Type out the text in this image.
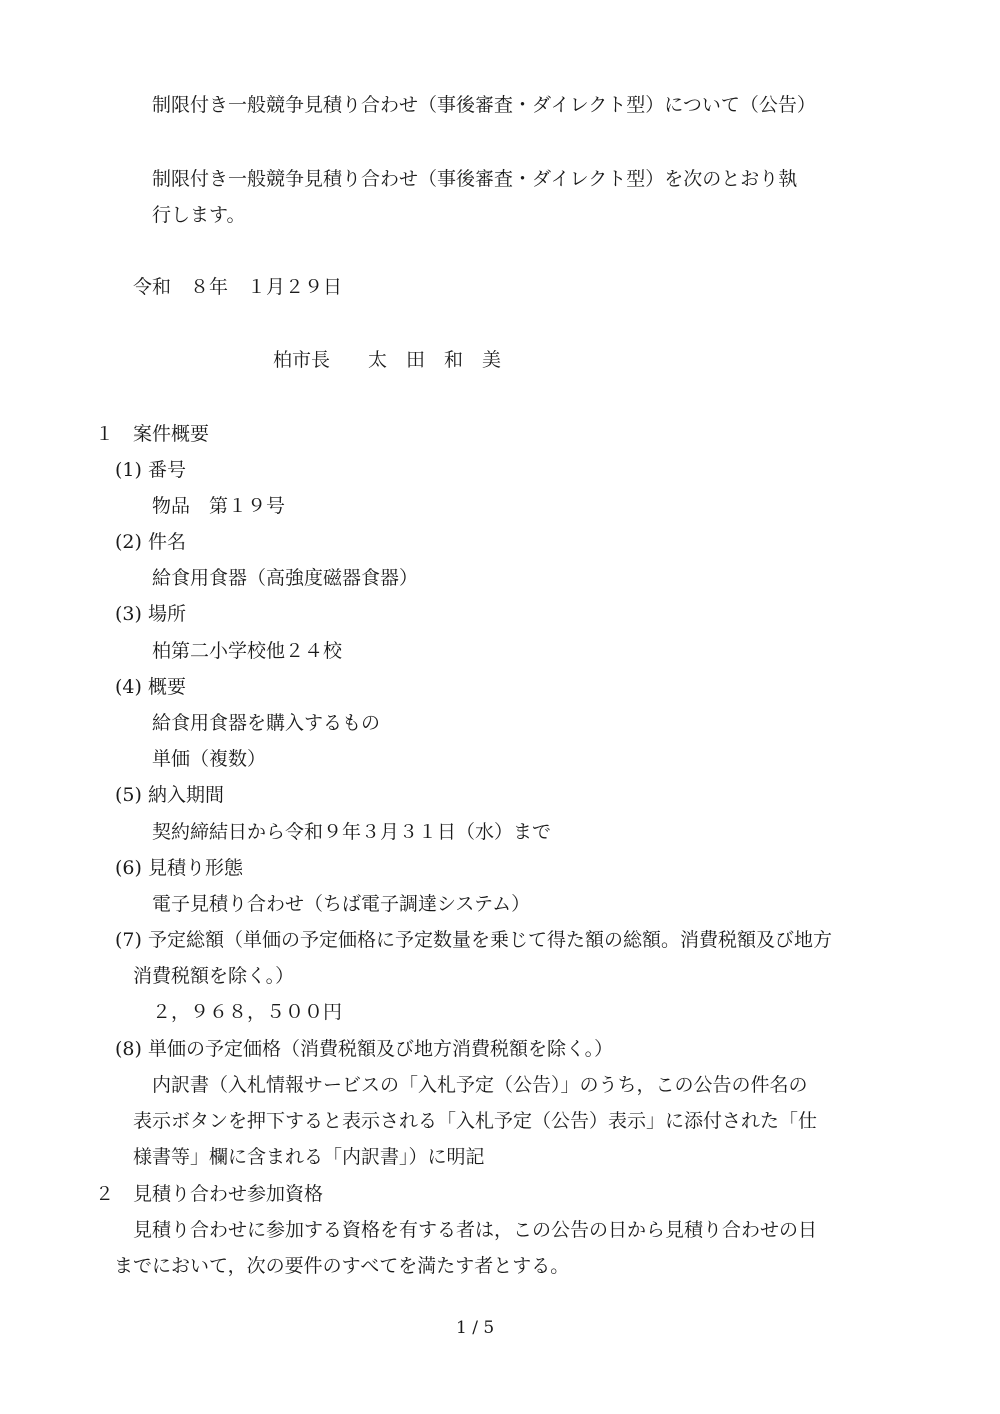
制限付き一般競争見積り合わせ（事後審査・ダイレクト型）について（公告）
制限付き一般競争見積り合わせ（事後審査・ダイレクト型）を次のとおり執
行します。
令和　８年　１月２９日
柏市長　　太　田　和　美
１　案件概要
(1) 番号
物品　第１９号
(2) 件名
給食用食器（高強度磁器食器）
(3) 場所
柏第二小学校他２４校
(4) 概要
給食用食器を購入するもの
単価（複数）
(5) 納入期間
契約締結日から令和９年３月３１日（水）まで
(6) 見積り形態
電子見積り合わせ（ちば電子調達システム）
(7) 予定総額（単価の予定価格に予定数量を乗じて得た額の総額。消費税額及び地方
消費税額を除く。）
２，９６８，５００円
(8) 単価の予定価格（消費税額及び地方消費税額を除く。）
内訳書（入札情報サービスの「入札予定（公告）」のうち，この公告の件名の
表示ボタンを押下すると表示される「入札予定（公告）表示」に添付された「仕
様書等」欄に含まれる「内訳書」）に明記
２　見積り合わせ参加資格
見積り合わせに参加する資格を有する者は，この公告の日から見積り合わせの日
までにおいて，次の要件のすべてを満たす者とする。
1 / 5
